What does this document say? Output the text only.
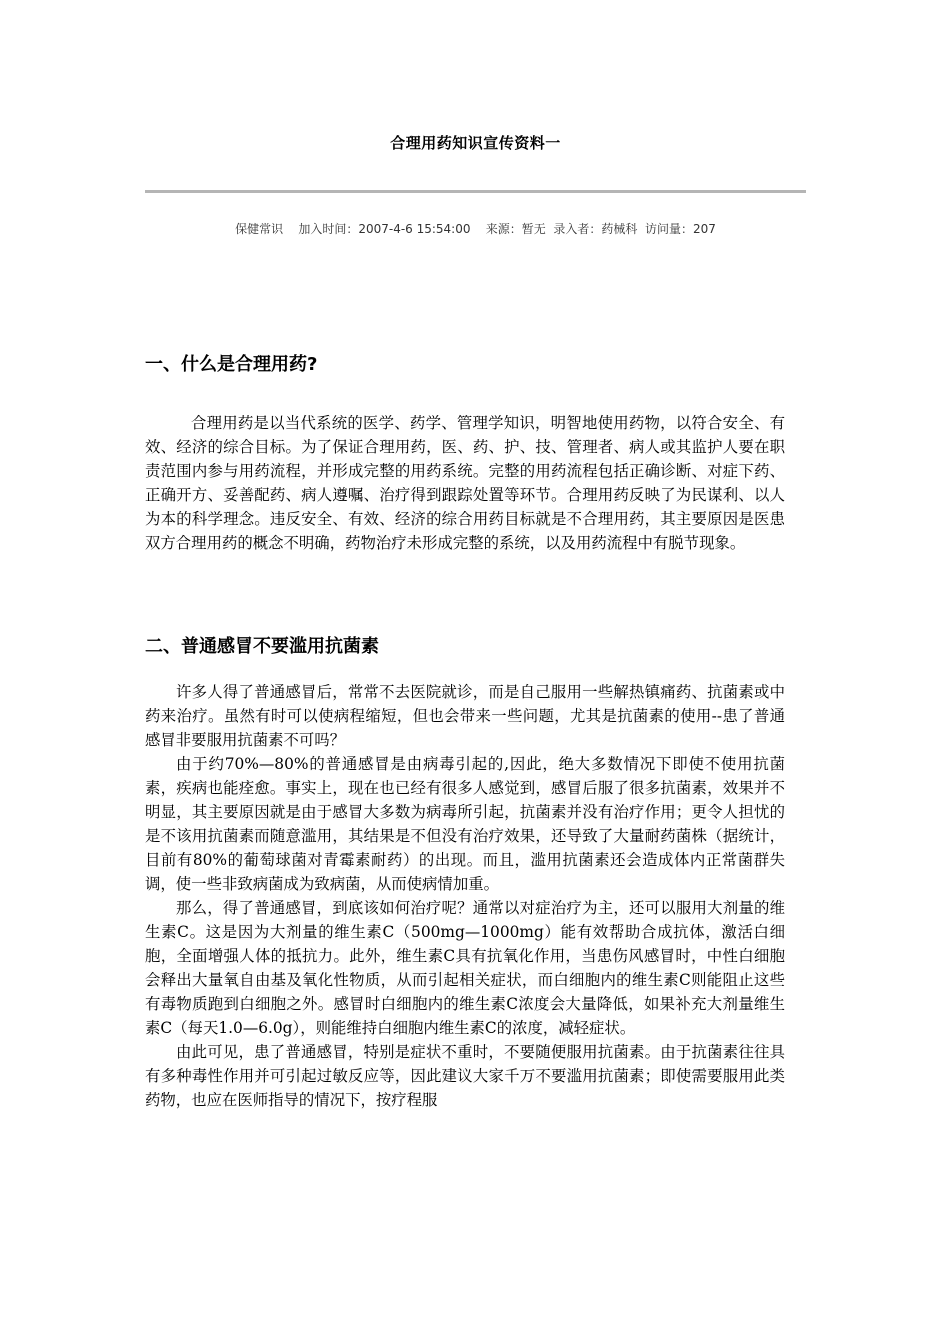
合理用药知识宣传资料一
保健常识    加入时间：2007-4-6 15:54:00    来源：暂无  录入者：药械科  访问量：207
一、什么是合理用药?

合理用药是以当代系统的医学、药学、管理学知识，明智地使用药物，以符合安全、有效、经济的综合目标。为了保证合理用药，医、药、护、技、管理者、病人或其监护人要在职责范围内参与用药流程，并形成完整的用药系统。完整的用药流程包括正确诊断、对症下药、正确开方、妥善配药、病人遵嘱、治疗得到跟踪处置等环节。合理用药反映了为民谋利、以人为本的科学理念。违反安全、有效、经济的综合用药目标就是不合理用药，其主要原因是医患双方合理用药的概念不明确，药物治疗未形成完整的系统，以及用药流程中有脱节现象。

二、普通感冒不要滥用抗菌素

许多人得了普通感冒后，常常不去医院就诊，而是自己服用一些解热镇痛药、抗菌素或中药来治疗。虽然有时可以使病程缩短，但也会带来一些问题，尤其是抗菌素的使用--患了普通感冒非要服用抗菌素不可吗？

由于约70%—80%的普通感冒是由病毒引起的,因此，绝大多数情况下即使不使用抗菌素，疾病也能痊愈。事实上，现在也已经有很多人感觉到，感冒后服了很多抗菌素，效果并不明显，其主要原因就是由于感冒大多数为病毒所引起，抗菌素并没有治疗作用；更令人担忧的是不该用抗菌素而随意滥用，其结果是不但没有治疗效果，还导致了大量耐药菌株（据统计，目前有80%的葡萄球菌对青霉素耐药）的出现。而且，滥用抗菌素还会造成体内正常菌群失调，使一些非致病菌成为致病菌，从而使病情加重。

那么，得了普通感冒，到底该如何治疗呢？通常以对症治疗为主，还可以服用大剂量的维生素C。这是因为大剂量的维生素C（500mg—1000mg）能有效帮助合成抗体，激活白细胞，全面增强人体的抵抗力。此外，维生素C具有抗氧化作用，当患伤风感冒时，中性白细胞会释出大量氧自由基及氧化性物质，从而引起相关症状，而白细胞内的维生素C则能阻止这些有毒物质跑到白细胞之外。感冒时白细胞内的维生素C浓度会大量降低，如果补充大剂量维生素C（每天1.0—6.0g），则能维持白细胞内维生素C的浓度，减轻症状。

由此可见，患了普通感冒，特别是症状不重时，不要随便服用抗菌素。由于抗菌素往往具有多种毒性作用并可引起过敏反应等，因此建议大家千万不要滥用抗菌素；即使需要服用此类药物，也应在医师指导的情况下，按疗程服
